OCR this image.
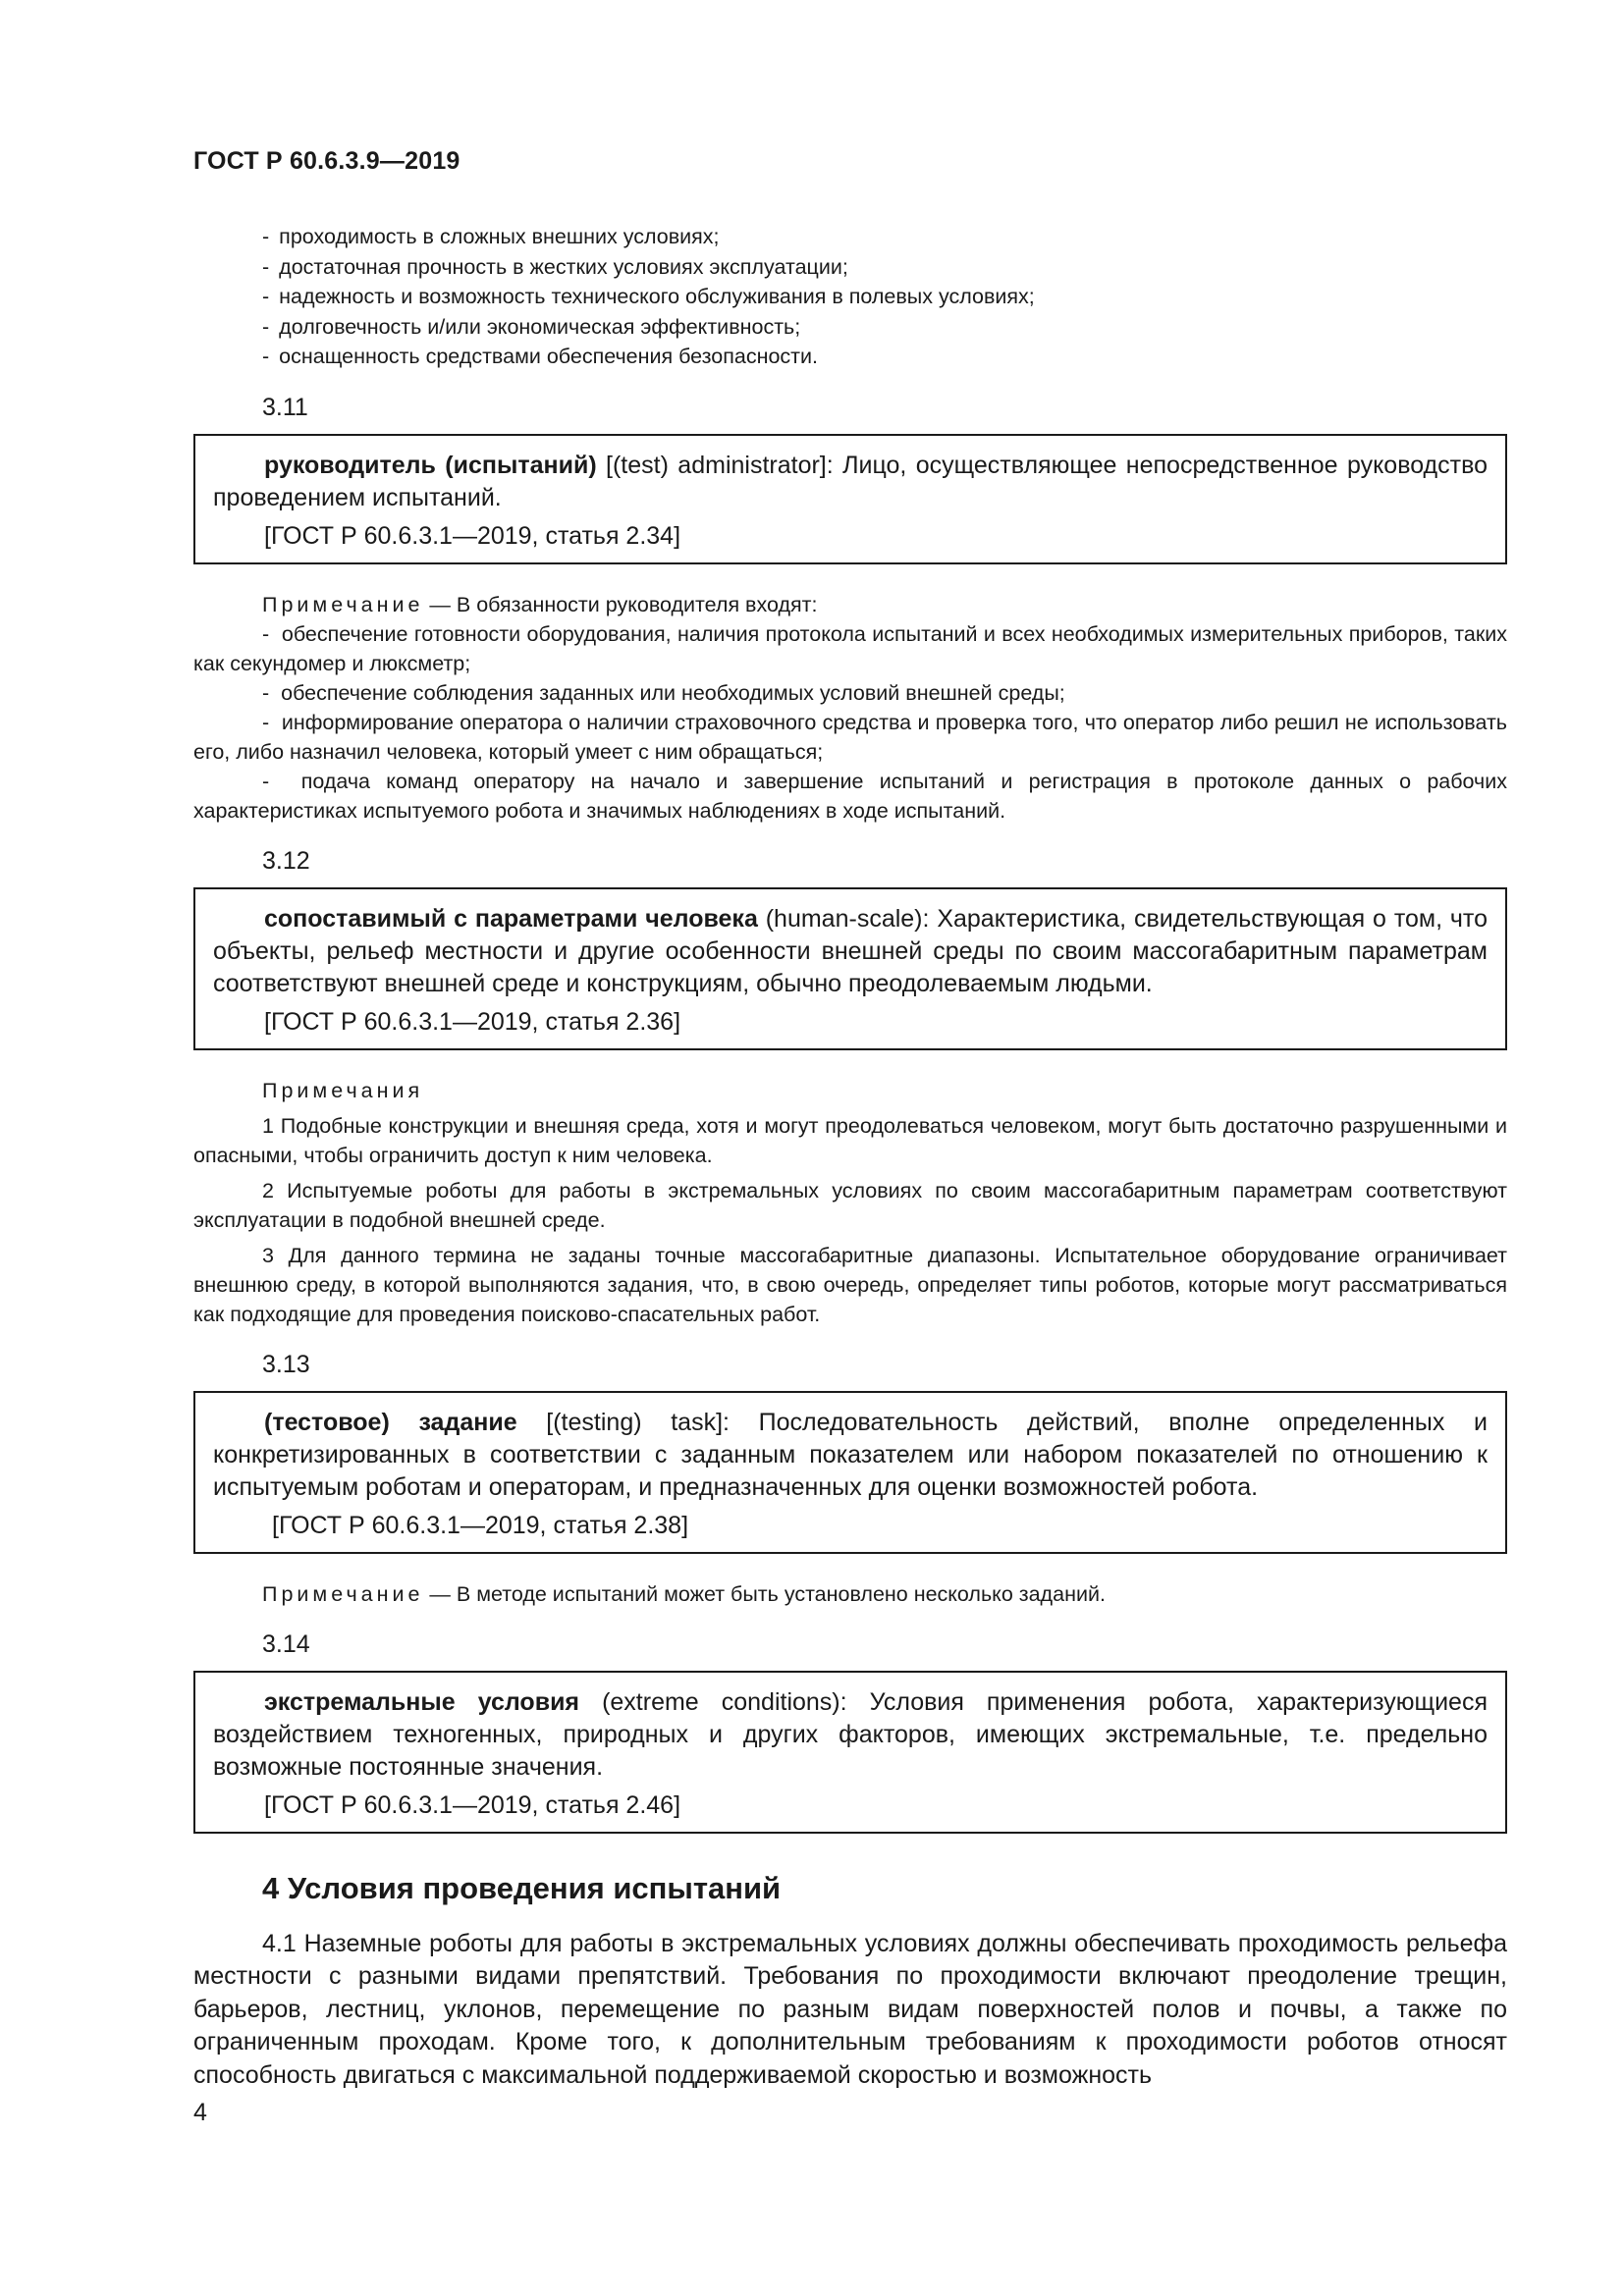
ГОСТ Р 60.6.3.9—2019
- проходимость в сложных внешних условиях;
- достаточная прочность в жестких условиях эксплуатации;
- надежность и возможность технического обслуживания в полевых условиях;
- долговечность и/или экономическая эффективность;
- оснащенность средствами обеспечения безопасности.
3.11
руководитель (испытаний) [(test) administrator]: Лицо, осуществляющее непосредственное руководство проведением испытаний.
[ГОСТ Р 60.6.3.1—2019, статья 2.34]
Примечание — В обязанности руководителя входят:
-  обеспечение готовности оборудования, наличия протокола испытаний и всех необходимых измерительных приборов, таких как секундомер и люксметр;
-  обеспечение соблюдения заданных или необходимых условий внешней среды;
-  информирование оператора о наличии страховочного средства и проверка того, что оператор либо решил не использовать его, либо назначил человека, который умеет с ним обращаться;
-  подача команд оператору на начало и завершение испытаний и регистрация в протоколе данных о рабочих характеристиках испытуемого робота и значимых наблюдениях в ходе испытаний.
3.12
сопоставимый с параметрами человека (human-scale): Характеристика, свидетельствующая о том, что объекты, рельеф местности и другие особенности внешней среды по своим массогабаритным параметрам соответствуют внешней среде и конструкциям, обычно преодолеваемым людьми.
[ГОСТ Р 60.6.3.1—2019, статья 2.36]
Примечания
1 Подобные конструкции и внешняя среда, хотя и могут преодолеваться человеком, могут быть достаточно разрушенными и опасными, чтобы ограничить доступ к ним человека.
2 Испытуемые роботы для работы в экстремальных условиях по своим массогабаритным параметрам соответствуют эксплуатации в подобной внешней среде.
3 Для данного термина не заданы точные массогабаритные диапазоны. Испытательное оборудование ограничивает внешнюю среду, в которой выполняются задания, что, в свою очередь, определяет типы роботов, которые могут рассматриваться как подходящие для проведения поисково-спасательных работ.
3.13
(тестовое) задание [(testing) task]: Последовательность действий, вполне определенных и конкретизированных в соответствии с заданным показателем или набором показателей по отношению к испытуемым роботам и операторам, и предназначенных для оценки возможностей робота.
[ГОСТ Р 60.6.3.1—2019, статья 2.38]
Примечание — В методе испытаний может быть установлено несколько заданий.
3.14
экстремальные условия (extreme conditions): Условия применения робота, характеризующиеся воздействием техногенных, природных и других факторов, имеющих экстремальные, т.е. предельно возможные постоянные значения.
[ГОСТ Р 60.6.3.1—2019, статья 2.46]
4 Условия проведения испытаний
4.1 Наземные роботы для работы в экстремальных условиях должны обеспечивать проходимость рельефа местности с разными видами препятствий. Требования по проходимости включают преодоление трещин, барьеров, лестниц, уклонов, перемещение по разным видам поверхностей полов и почвы, а также по ограниченным проходам. Кроме того, к дополнительным требованиям к проходимости роботов относят способность двигаться с максимальной поддерживаемой скоростью и возможность
4
